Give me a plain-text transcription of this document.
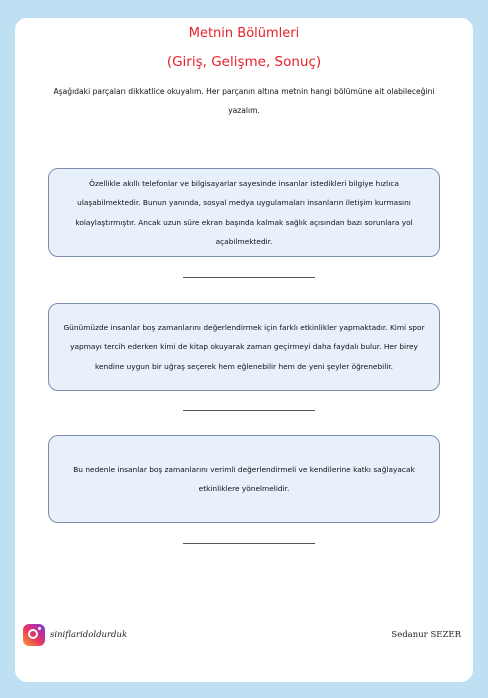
Metnin Bölümleri
(Giriş, Gelişme, Sonuç)
Aşağıdaki parçaları dikkatlice okuyalım. Her parçanın altına metnin hangi bölümüne ait olabileceğini yazalım.

Özellikle akıllı telefonlar ve bilgisayarlar sayesinde insanlar istedikleri bilgiye hızlıca ulaşabilmektedir. Bunun yanında, sosyal medya uygulamaları insanların iletişim kurmasını kolaylaştırmıştır. Ancak uzun süre ekran başında kalmak sağlık açısından bazı sorunlara yol açabilmektedir.

Günümüzde insanlar boş zamanlarını değerlendirmek için farklı etkinlikler yapmaktadır. Kimi spor yapmayı tercih ederken kimi de kitap okuyarak zaman geçirmeyi daha faydalı bulur. Her birey kendine uygun bir uğraş seçerek hem eğlenebilir hem de yeni şeyler öğrenebilir.

Bu nedenle insanlar boş zamanlarını verimli değerlendirmeli ve kendilerine katkı sağlayacak etkinliklere yönelmelidir.

siniflaridoldurduk	Sedanur SEZER
